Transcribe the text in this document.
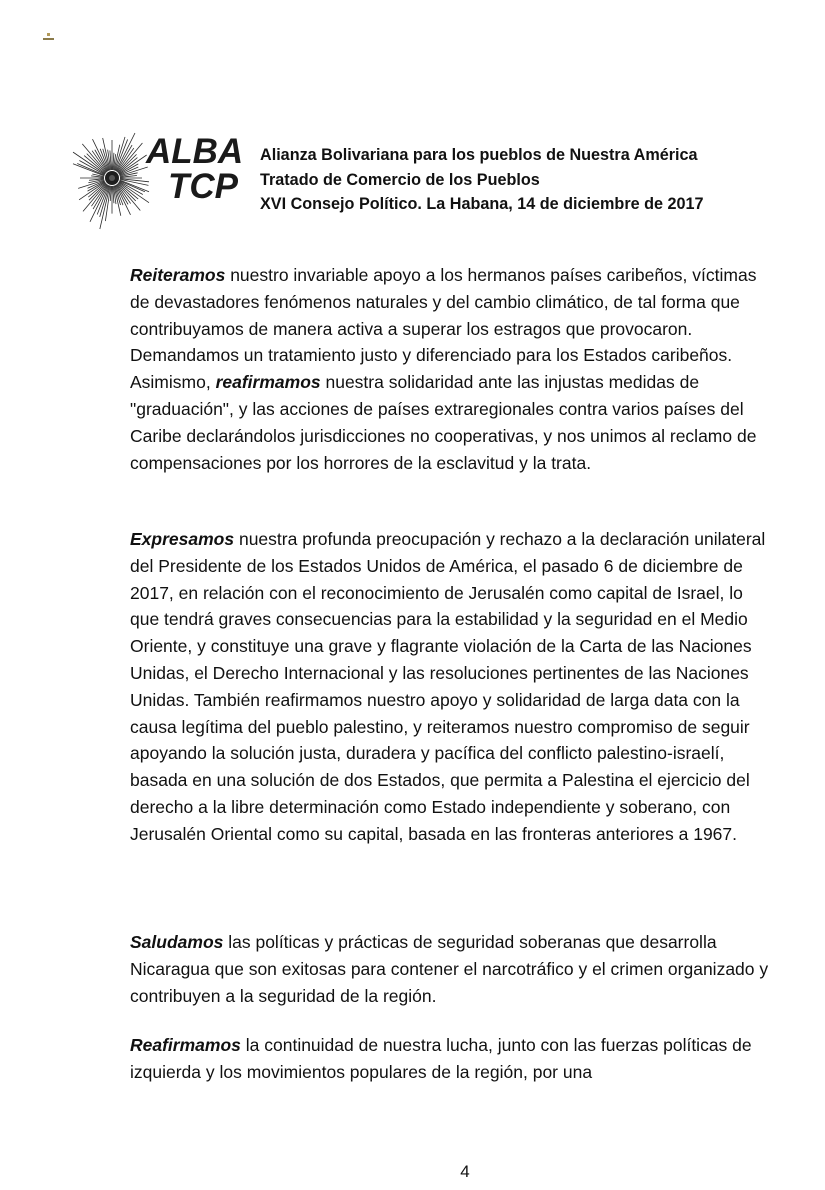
ALBA
TCP
Alianza Bolivariana para los pueblos de Nuestra América
Tratado de Comercio de los Pueblos
XVI Consejo Político. La Habana, 14 de diciembre de 2017

Reiteramos nuestro invariable apoyo a los hermanos países caribeños, víctimas de devastadores fenómenos naturales y del cambio climático, de tal forma que contribuyamos de manera activa a superar los estragos que provocaron. Demandamos un tratamiento justo y diferenciado para los Estados caribeños. Asimismo, reafirmamos nuestra solidaridad ante las injustas medidas de "graduación", y las acciones de países extraregionales contra varios países del Caribe declarándolos jurisdicciones no cooperativas, y nos unimos al reclamo de compensaciones por los horrores de la esclavitud y la trata.

Expresamos nuestra profunda preocupación y rechazo a la declaración unilateral del Presidente de los Estados Unidos de América, el pasado 6 de diciembre de 2017, en relación con el reconocimiento de Jerusalén como capital de Israel, lo que tendrá graves consecuencias para la estabilidad y la seguridad en el Medio Oriente, y constituye una grave y flagrante violación de la Carta de las Naciones Unidas, el Derecho Internacional y las resoluciones pertinentes de las Naciones Unidas. También reafirmamos nuestro apoyo y solidaridad de larga data con la causa legítima del pueblo palestino, y reiteramos nuestro compromiso de seguir apoyando la solución justa, duradera y pacífica del conflicto palestino-israelí, basada en una solución de dos Estados, que permita a Palestina el ejercicio del derecho a la libre determinación como Estado independiente y soberano, con Jerusalén Oriental como su capital, basada en las fronteras anteriores a 1967.

Saludamos las políticas y prácticas de seguridad soberanas que desarrolla Nicaragua que son exitosas para contener el narcotráfico y el crimen organizado y contribuyen a la seguridad de la región.

Reafirmamos la continuidad de nuestra lucha, junto con las fuerzas políticas de izquierda y los movimientos populares de la región, por una

4
